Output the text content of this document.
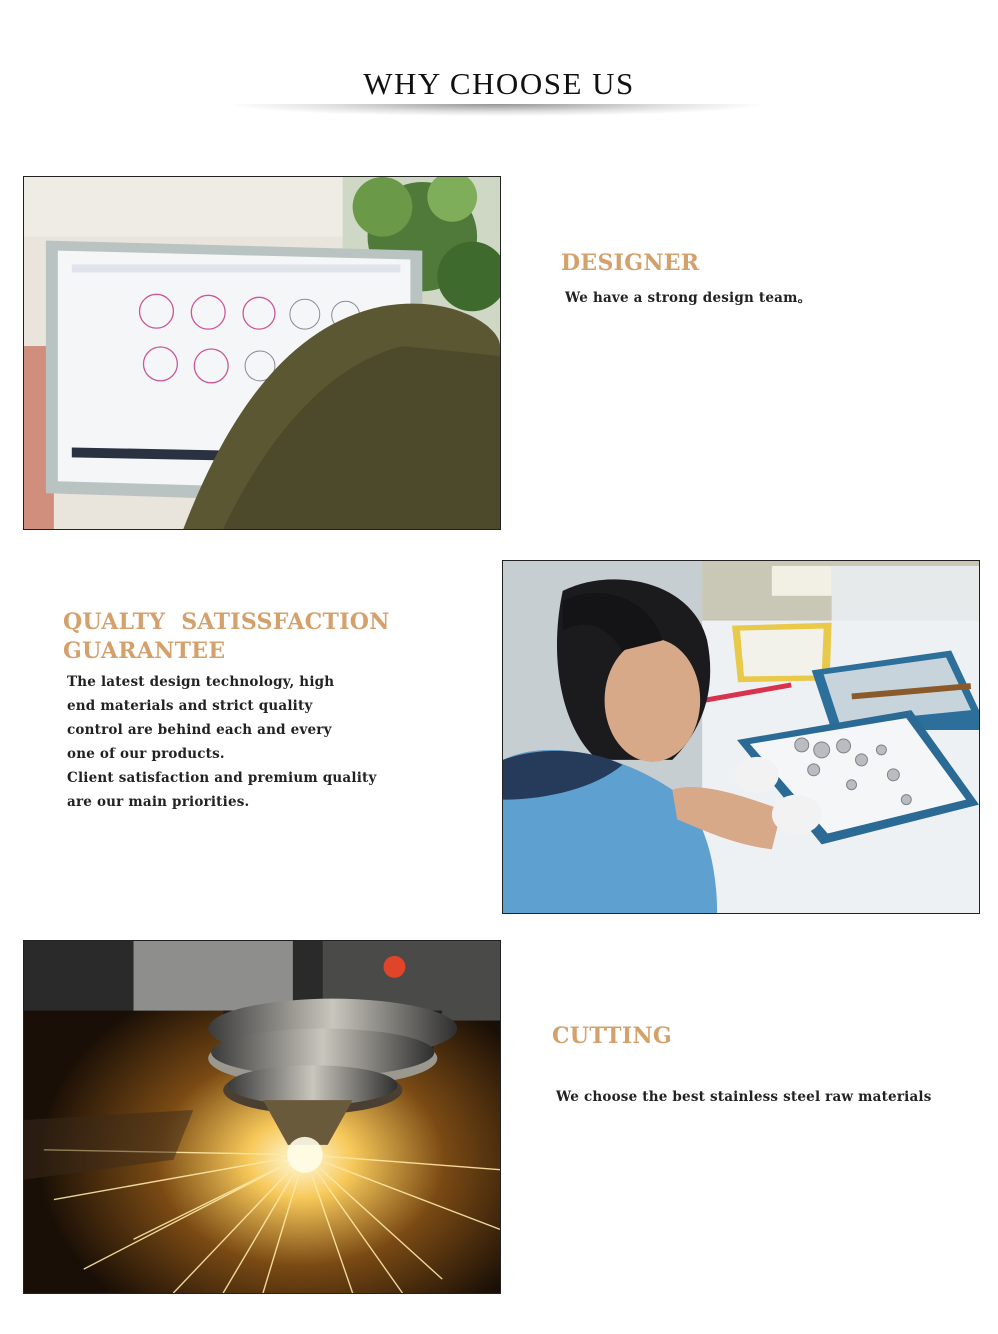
WHY CHOOSE US
DESIGNER
We have a strong design team。
QUALTY  SATISSFACTION
GUARANTEE
The latest design technology, high
end materials and strict quality
control are behind each and every
one of our products.
Client satisfaction and premium quality
are our main priorities.
CUTTING
We choose the best stainless steel raw materials
